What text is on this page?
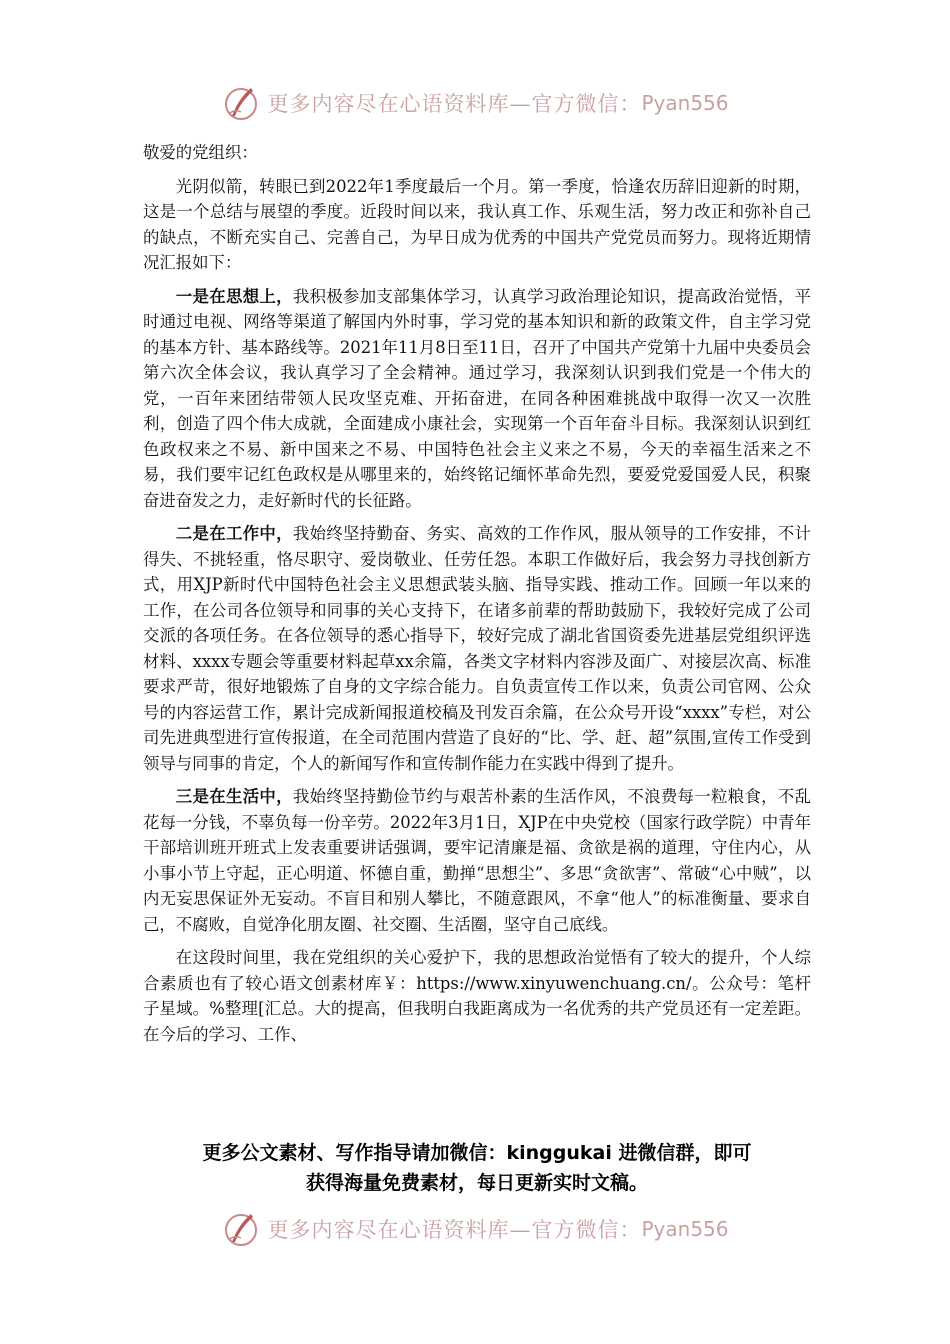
更多内容尽在心语资料库—官方微信： Pyan556

敬爱的党组织：

光阴似箭，转眼已到2022年1季度最后一个月。第一季度，恰逢农历辞旧迎新的时期，这是一个总结与展望的季度。近段时间以来，我认真工作、乐观生活，努力改正和弥补自己的缺点，不断充实自己、完善自己，为早日成为优秀的中国共产党党员而努力。现将近期情况汇报如下：

一是在思想上，我积极参加支部集体学习，认真学习政治理论知识，提高政治觉悟，平时通过电视、网络等渠道了解国内外时事，学习党的基本知识和新的政策文件，自主学习党的基本方针、基本路线等。2021年11月8日至11日，召开了中国共产党第十九届中央委员会第六次全体会议，我认真学习了全会精神。通过学习，我深刻认识到我们党是一个伟大的党，一百年来团结带领人民攻坚克难、开拓奋进，在同各种困难挑战中取得一次又一次胜利，创造了四个伟大成就，全面建成小康社会，实现第一个百年奋斗目标。我深刻认识到红色政权来之不易、新中国来之不易、中国特色社会主义来之不易，今天的幸福生活来之不易，我们要牢记红色政权是从哪里来的，始终铭记缅怀革命先烈，要爱党爱国爱人民，积聚奋进奋发之力，走好新时代的长征路。

二是在工作中，我始终坚持勤奋、务实、高效的工作作风，服从领导的工作安排，不计得失、不挑轻重，恪尽职守、爱岗敬业、任劳任怨。本职工作做好后，我会努力寻找创新方式，用XJP新时代中国特色社会主义思想武装头脑、指导实践、推动工作。回顾一年以来的工作，在公司各位领导和同事的关心支持下，在诸多前辈的帮助鼓励下，我较好完成了公司交派的各项任务。在各位领导的悉心指导下，较好完成了湖北省国资委先进基层党组织评选材料、xxxx专题会等重要材料起草xx余篇，各类文字材料内容涉及面广、对接层次高、标准要求严苛，很好地锻炼了自身的文字综合能力。自负责宣传工作以来，负责公司官网、公众号的内容运营工作，累计完成新闻报道校稿及刊发百余篇，在公众号开设“xxxx”专栏，对公司先进典型进行宣传报道，在全司范围内营造了良好的“比、学、赶、超”氛围,宣传工作受到领导与同事的肯定，个人的新闻写作和宣传制作能力在实践中得到了提升。

三是在生活中，我始终坚持勤俭节约与艰苦朴素的生活作风，不浪费每一粒粮食，不乱花每一分钱，不辜负每一份辛劳。2022年3月1日，XJP在中央党校（国家行政学院）中青年干部培训班开班式上发表重要讲话强调，要牢记清廉是福、贪欲是祸的道理，守住内心，从小事小节上守起，正心明道、怀德自重，勤掸“思想尘”、多思“贪欲害”、常破“心中贼”，以内无妄思保证外无妄动。不盲目和别人攀比，不随意跟风，不拿“他人”的标准衡量、要求自己，不腐败，自觉净化朋友圈、社交圈、生活圈，坚守自己底线。

在这段时间里，我在党组织的关心爱护下，我的思想政治觉悟有了较大的提升，个人综合素质也有了较心语文创素材库￥：https://www.xinyuwenchuang.cn/。公众号：笔杆子星域。%整理[汇总。大的提高，但我明白我距离成为一名优秀的共产党员还有一定差距。在今后的学习、工作、

更多公文素材、写作指导请加微信：kinggukai 进微信群，即可
获得海量免费素材，每日更新实时文稿。
更多内容尽在心语资料库—官方微信： Pyan556
